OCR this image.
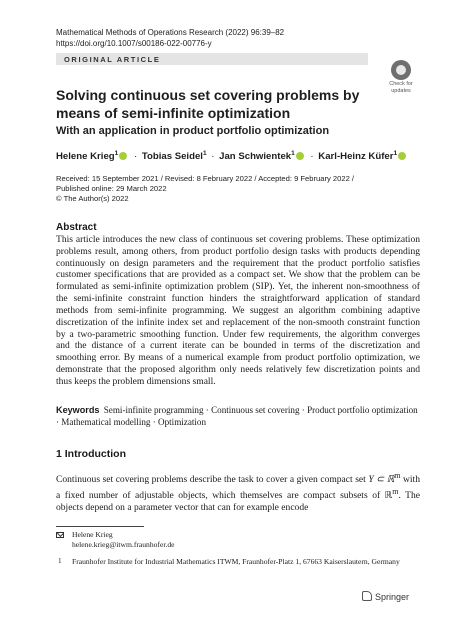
Mathematical Methods of Operations Research (2022) 96:39–82
https://doi.org/10.1007/s00186-022-00776-y
ORIGINAL ARTICLE
Check for
updates
Solving continuous set covering problems by means of semi-infinite optimization
With an application in product portfolio optimization
Helene Krieg$^1$ · Tobias Seidel$^1$ · Jan Schwientek$^1$ · Karl-Heinz Küfer$^1$
Received: 15 September 2021 / Revised: 8 February 2022 / Accepted: 9 February 2022 /
Published online: 29 March 2022
© The Author(s) 2022
Abstract
This article introduces the new class of continuous set covering problems. These optimization problems result, among others, from product portfolio design tasks with products depending continuously on design parameters and the requirement that the product portfolio satisfies customer specifications that are provided as a compact set. We show that the problem can be formulated as semi-infinite optimization problem (SIP). Yet, the inherent non-smoothness of the semi-infinite constraint function hinders the straightforward application of standard methods from semi-infinite programming. We suggest an algorithm combining adaptive discretization of the infinite index set and replacement of the non-smooth constraint function by a two-parametric smoothing function. Under few requirements, the algorithm converges and the distance of a current iterate can be bounded in terms of the discretization and smoothing error. By means of a numerical example from product portfolio optimization, we demonstrate that the proposed algorithm only needs relatively few discretization points and thus keeps the problem dimensions small.
Keywords Semi-infinite programming · Continuous set covering · Product portfolio optimization · Mathematical modelling · Optimization
1 Introduction
Continuous set covering problems describe the task to cover a given compact set Y ⊂ ℝ$^m$ with a fixed number of adjustable objects, which themselves are compact subsets of ℝ$^m$. The objects depend on a parameter vector that can for example encode
Helene Krieg
helene.krieg@itwm.fraunhofer.de
1 Fraunhofer Institute for Industrial Mathematics ITWM, Fraunhofer-Platz 1, 67663 Kaiserslautern, Germany
Springer
